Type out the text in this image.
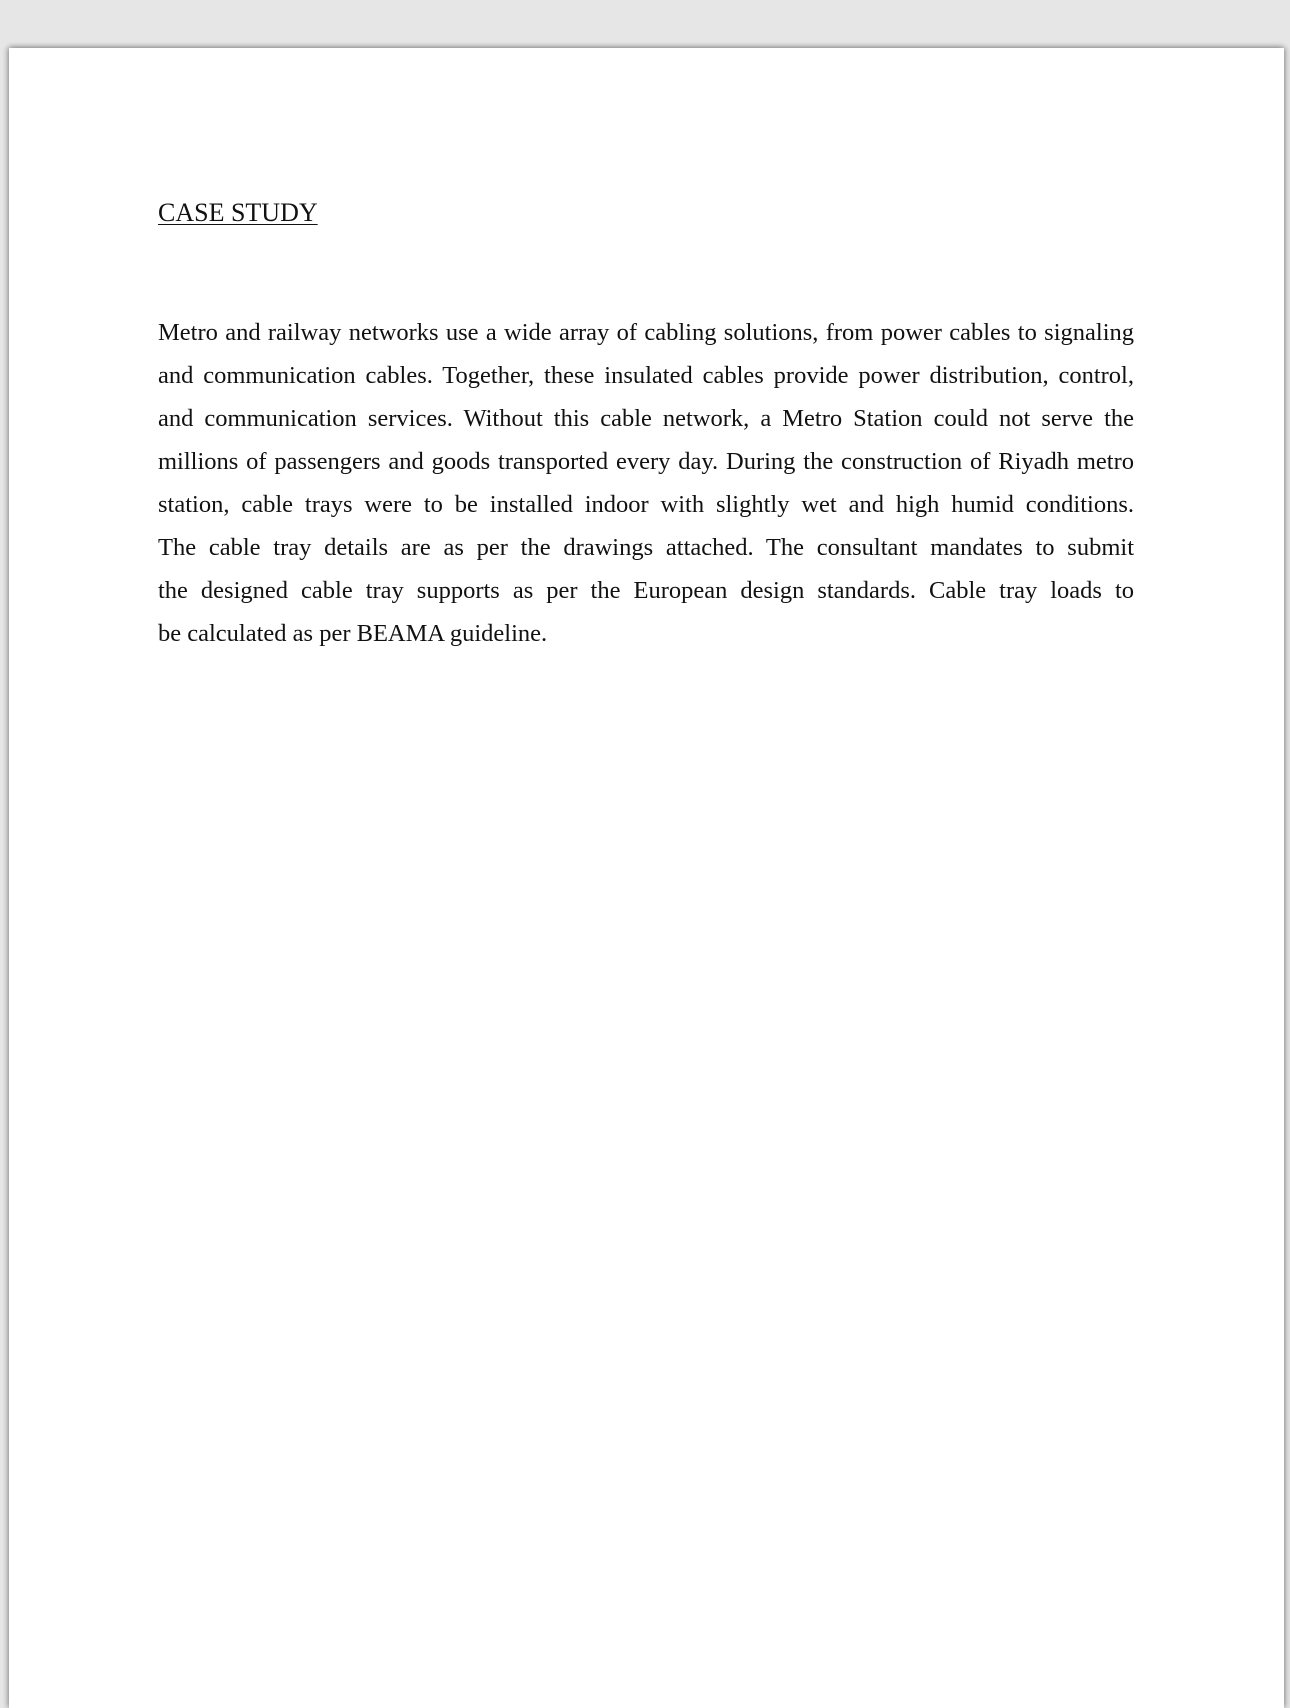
CASE STUDY
Metro and railway networks use a wide array of cabling solutions, from power cables to signaling
and communication cables. Together, these insulated cables provide power distribution, control,
and communication services. Without this cable network, a Metro Station could not serve the
millions of passengers and goods transported every day. During the construction of Riyadh metro
station, cable trays were to be installed indoor with slightly wet and high humid conditions.
The cable tray details are as per the drawings attached. The consultant mandates to submit
the designed cable tray supports as per the European design standards. Cable tray loads to
be calculated as per BEAMA guideline.
